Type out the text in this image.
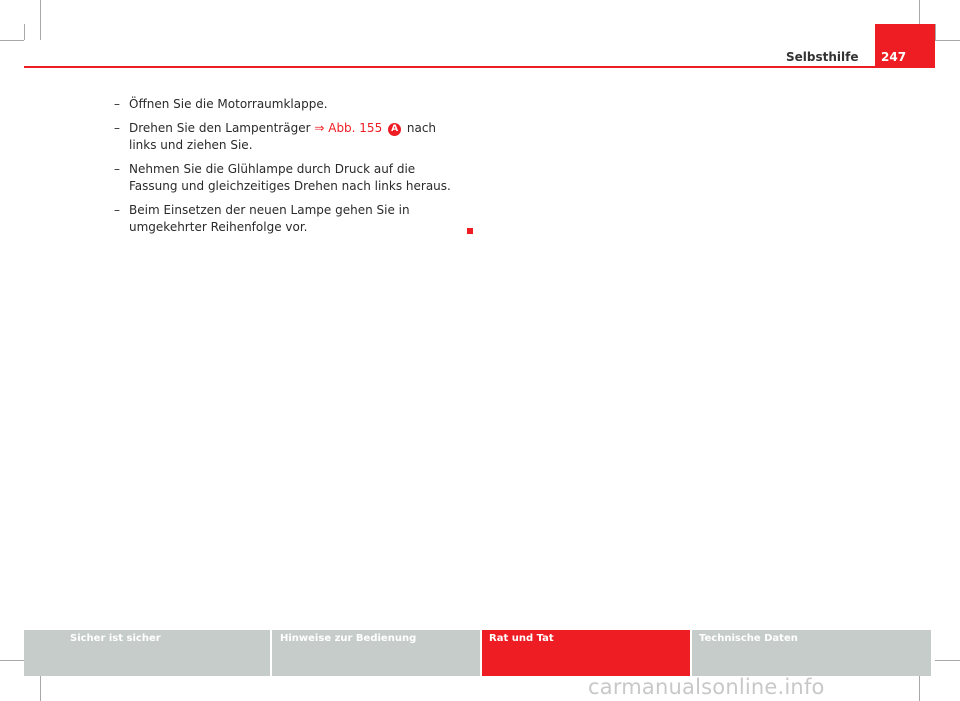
Selbsthilfe 247
– Öffnen Sie die Motorraumklappe.
– Drehen Sie den Lampenträger ⇒ Abb. 155 A nach links und ziehen Sie.
– Nehmen Sie die Glühlampe durch Druck auf die Fassung und gleichzeitiges Drehen nach links heraus.
– Beim Einsetzen der neuen Lampe gehen Sie in umgekehrter Reihenfolge vor.
Sicher ist sicher	Hinweise zur Bedienung	Rat und Tat	Technische Daten
carmanualsonline.info
